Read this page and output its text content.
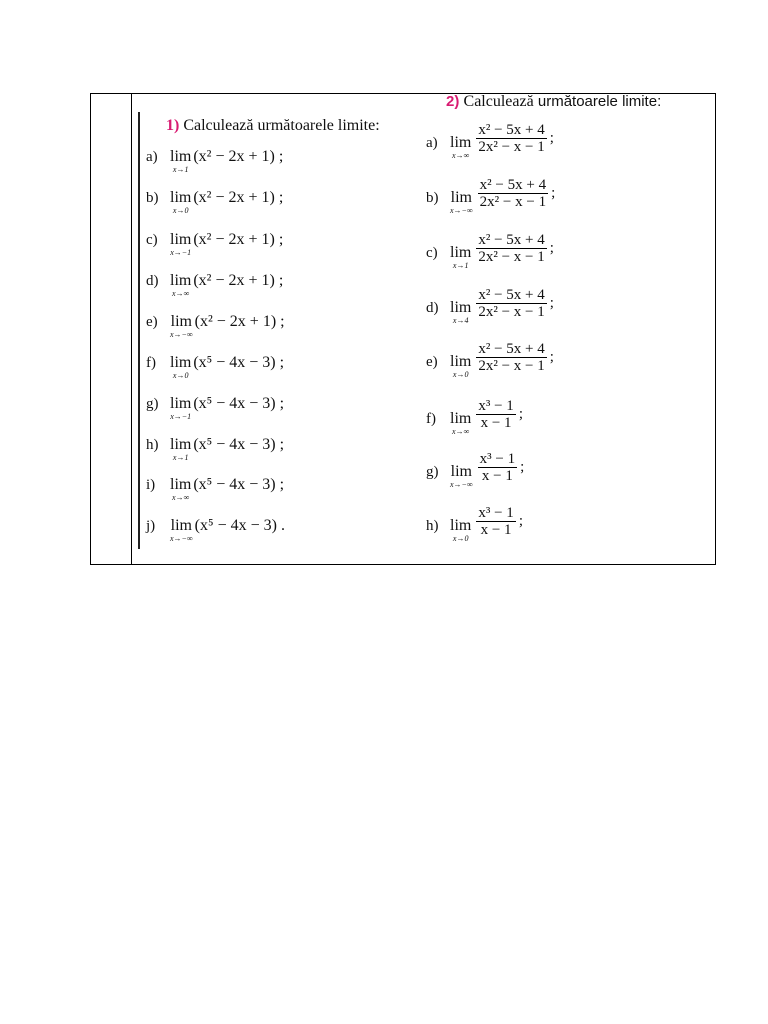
1) Calculează următoarele limite:
2) Calculează următoarele limite:
a) lim
x→1
(x² − 2x + 1) ;
b) lim
x→0
(x² − 2x + 1) ;
c) lim
x→−1
(x² − 2x + 1) ;
d) lim
x→∞
(x² − 2x + 1) ;
e) lim
x→−∞
(x² − 2x + 1) ;
f) lim
x→0
(x⁵ − 4x − 3) ;
g) lim
x→−1
(x⁵ − 4x − 3) ;
h) lim
x→1
(x⁵ − 4x − 3) ;
i) lim
x→∞
(x⁵ − 4x − 3) ;
j) lim
x→−∞
(x⁵ − 4x − 3) .
a) lim
$x\to\infty \frac{\text{x² − 5x + 4}}{\text{2x² − x − 1}}$ ;
b) lim
$x\to-\infty \frac{\text{x² − 5x + 4}}{\text{2x² − x − 1}}$ ;
c) lim
$x\to 1 \frac{\text{x² − 5x + 4}}{\text{2x² − x − 1}}$ ;
d) lim
$x\to 4 \frac{\text{x² − 5x + 4}}{\text{2x² − x − 1}}$ ;
e) lim
$x\to 0 \frac{\text{x² − 5x + 4}}{\text{2x² − x − 1}}$ ;
f) lim
$x\to\infty \frac{\text{x³ − 1}}{x - 1}$ ;
g) lim
$x\to-\infty \frac{\text{x³ − 1}}{x - 1}$ ;
h) lim
$x\to 0 \frac{\text{x³ − 1}}{x - 1}$ ;
